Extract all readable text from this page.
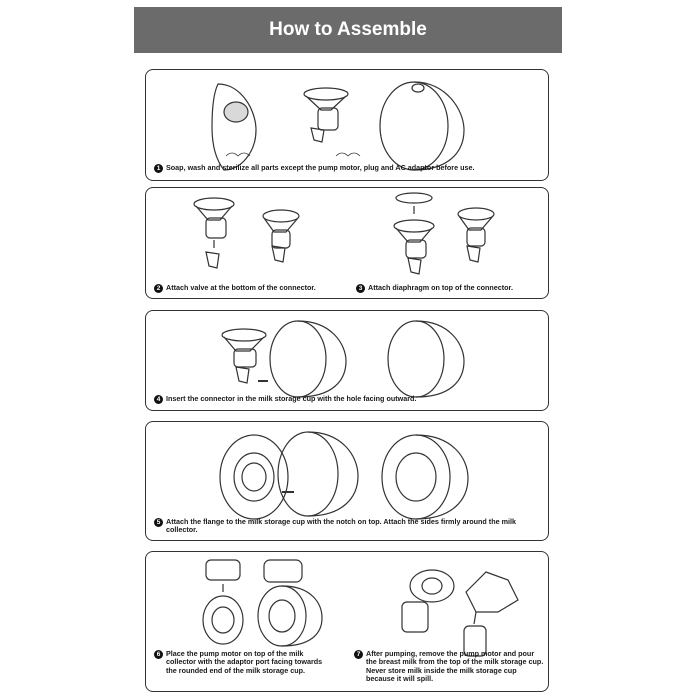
How to Assemble
1 Soap, wash and sterilize all parts except the pump motor, plug and AC adaptor before use.
2 Attach valve at the bottom of the connector.	3 Attach diaphragm on top of the connector.
4 Insert the connector in the milk storage cup with the hole facing outward.
5 Attach the flange to the milk storage cup with the notch on top. Attach the sides firmly around the milk collector.
6 Place the pump motor on top of the milk collector with the adaptor port facing towards the rounded end of the milk storage cup.
7 After pumping, remove the pump motor and pour the breast milk from the top of the milk storage cup. Never store milk inside the milk storage cup because it will spill.
